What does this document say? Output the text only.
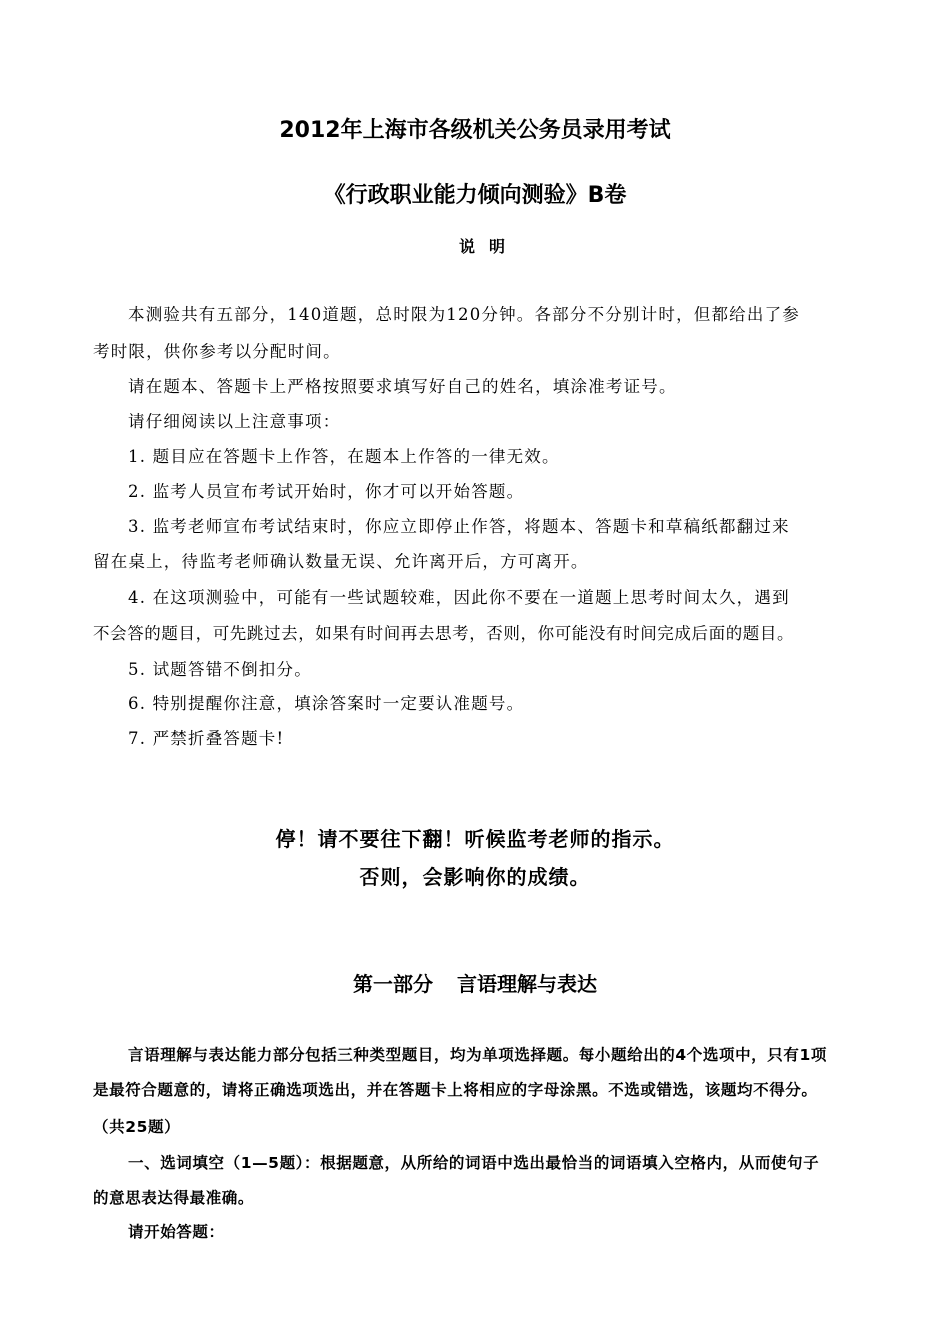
2012年上海市各级机关公务员录用考试

《行政职业能力倾向测验》B卷

说明

本测验共有五部分，140道题，总时限为120分钟。各部分不分别计时，但都给出了参

考时限，供你参考以分配时间。

请在题本、答题卡上严格按照要求填写好自己的姓名，填涂准考证号。

请仔细阅读以上注意事项：

1. 题目应在答题卡上作答，在题本上作答的一律无效。

2. 监考人员宣布考试开始时，你才可以开始答题。

3. 监考老师宣布考试结束时，你应立即停止作答，将题本、答题卡和草稿纸都翻过来

留在桌上，待监考老师确认数量无误、允许离开后，方可离开。

4. 在这项测验中，可能有一些试题较难，因此你不要在一道题上思考时间太久，遇到

不会答的题目，可先跳过去，如果有时间再去思考，否则，你可能没有时间完成后面的题目。

5. 试题答错不倒扣分。

6. 特别提醒你注意，填涂答案时一定要认准题号。

7. 严禁折叠答题卡!

停！请不要往下翻！听候监考老师的指示。

否则，会影响你的成绩。

第一部分 言语理解与表达

言语理解与表达能力部分包括三种类型题目，均为单项选择题。每小题给出的4个选项中，只有1项

是最符合题意的，请将正确选项选出，并在答题卡上将相应的字母涂黑。不选或错选，该题均不得分。

（共25题）

一、选词填空（1—5题）：根据题意，从所给的词语中选出最恰当的词语填入空格内，从而使句子

的意思表达得最准确。

请开始答题：
